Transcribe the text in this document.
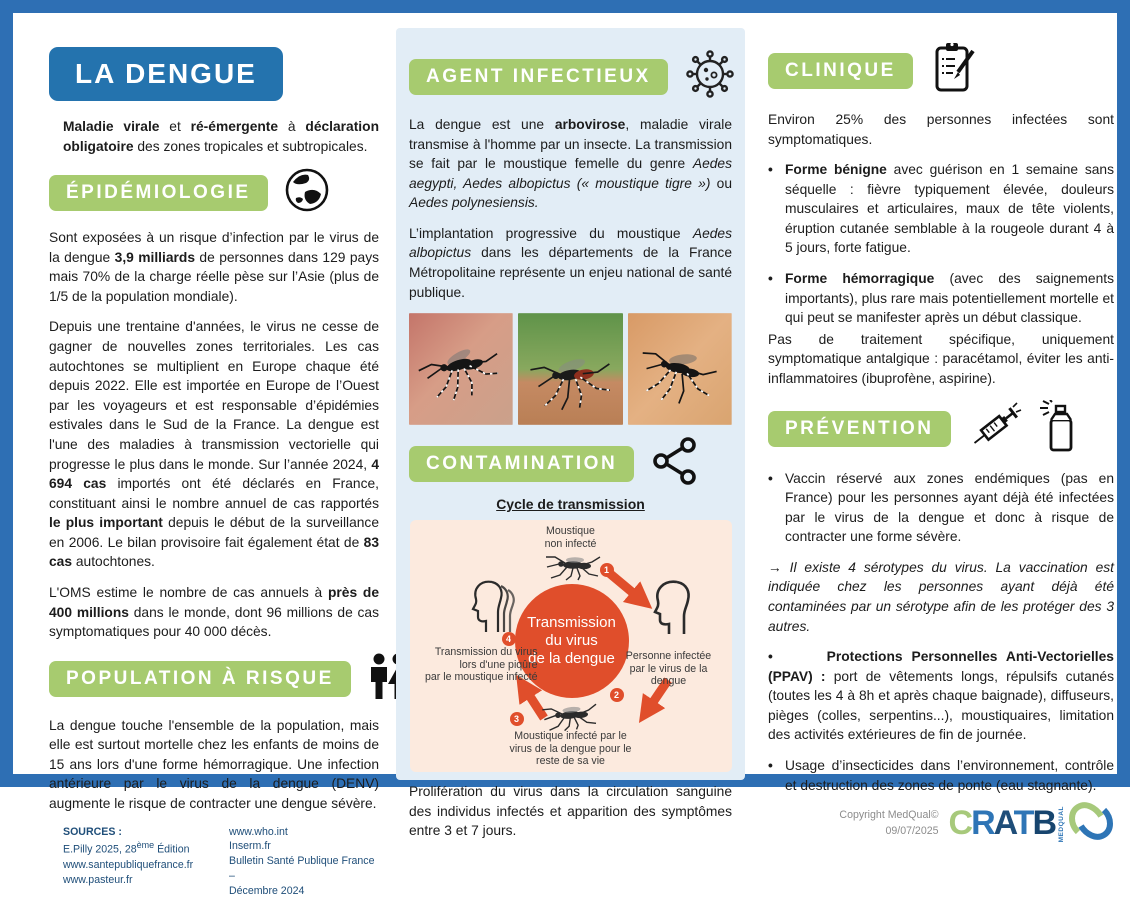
LA DENGUE

Maladie virale et ré-émergente à déclaration obligatoire des zones tropicales et subtropicales.

ÉPIDÉMIOLOGIE

Sont exposées à un risque d’infection par le virus de la dengue 3,9 milliards de personnes dans 129 pays mais 70% de la charge réelle pèse sur l’Asie (plus de 1/5 de la population mondiale).

Depuis une trentaine d'années, le virus ne cesse de gagner de nouvelles zones territoriales. Les cas autochtones se multiplient en Europe chaque été depuis 2022. Elle est importée en Europe de l’Ouest par les voyageurs et est responsable d’épidémies estivales dans le Sud de la France. La dengue est l'une des maladies à transmission vectorielle qui progresse le plus dans le monde. Sur l’année 2024, 4 694 cas importés ont été déclarés en France, constituant ainsi le nombre annuel de cas rapportés le plus important depuis le début de la surveillance en 2006. Le bilan provisoire fait également état de 83 cas autochtones.

L'OMS estime le nombre de cas annuels à près de 400 millions dans le monde, dont 96 millions de cas symptomatiques pour 40 000 décès.

POPULATION À RISQUE

La dengue touche l'ensemble de la population, mais elle est surtout mortelle chez les enfants de moins de 15 ans lors d'une forme hémorragique. Une infection antérieure par le virus de la dengue (DENV) augmente le risque de contracter une dengue sévère.

SOURCES :
E.Pilly 2025, 28ème Édition
www.santepubliquefrance.fr
www.pasteur.fr
www.who.int
Inserm.fr
Bulletin Santé Publique France –
Décembre 2024
AGENT INFECTIEUX

La dengue est une arbovirose, maladie virale transmise à l'homme par un insecte. La transmission se fait par le moustique femelle du genre Aedes aegypti, Aedes albopictus (« moustique tigre ») ou Aedes polynesiensis.

L’implantation progressive du moustique Aedes albopictus dans les départements de la France Métropolitaine représente un enjeu national de santé publique.

CONTAMINATION
Cycle de transmission
Moustique
non infecté
1
Transmission
du virus
de la dengue	Personne infectée
par le virus de la
dengue
2
Moustique infecté par le
virus de la dengue pour le
reste de sa vie
3
4
Transmission du virus
lors d'une piqûre
par le moustique infecté

Prolifération du virus dans la circulation sanguine des individus infectés et apparition des symptômes entre 3 et 7 jours.

CLINIQUE

Environ 25% des personnes infectées sont symptomatiques.

• Forme bénigne avec guérison en 1 semaine sans séquelle : fièvre typiquement élevée, douleurs musculaires et articulaires, maux de tête violents, éruption cutanée semblable à la rougeole durant 4 à 5 jours, forte fatigue.
• Forme hémorragique (avec des saignements importants), plus rare mais potentiellement mortelle et qui peut se manifester après un début classique.

Pas de traitement spécifique, uniquement symptomatique antalgique : paracétamol, éviter les anti-inflammatoires (ibuprofène, aspirine).

PRÉVENTION
• Vaccin réservé aux zones endémiques (pas en France) pour les personnes ayant déjà été infectées par le virus de la dengue et donc à risque de contracter une forme sévère.

→ Il existe 4 sérotypes du virus. La vaccination est indiquée chez les personnes ayant déjà été contaminées par un sérotype afin de les protéger des 3 autres.

•      Protections Personnelles Anti-Vectorielles (PPAV) : port de vêtements longs, répulsifs cutanés (toutes les 4 à 8h et après chaque baignade), diffuseurs, pièges (colles, serpentins...), moustiquaires, limitation des activités extérieures de fin de journée.

• Usage d’insecticides dans l’environnement, contrôle et destruction des zones de ponte (eau stagnante).
Copyright MedQual©
09/07/2025 CRATB MEDQUAL
